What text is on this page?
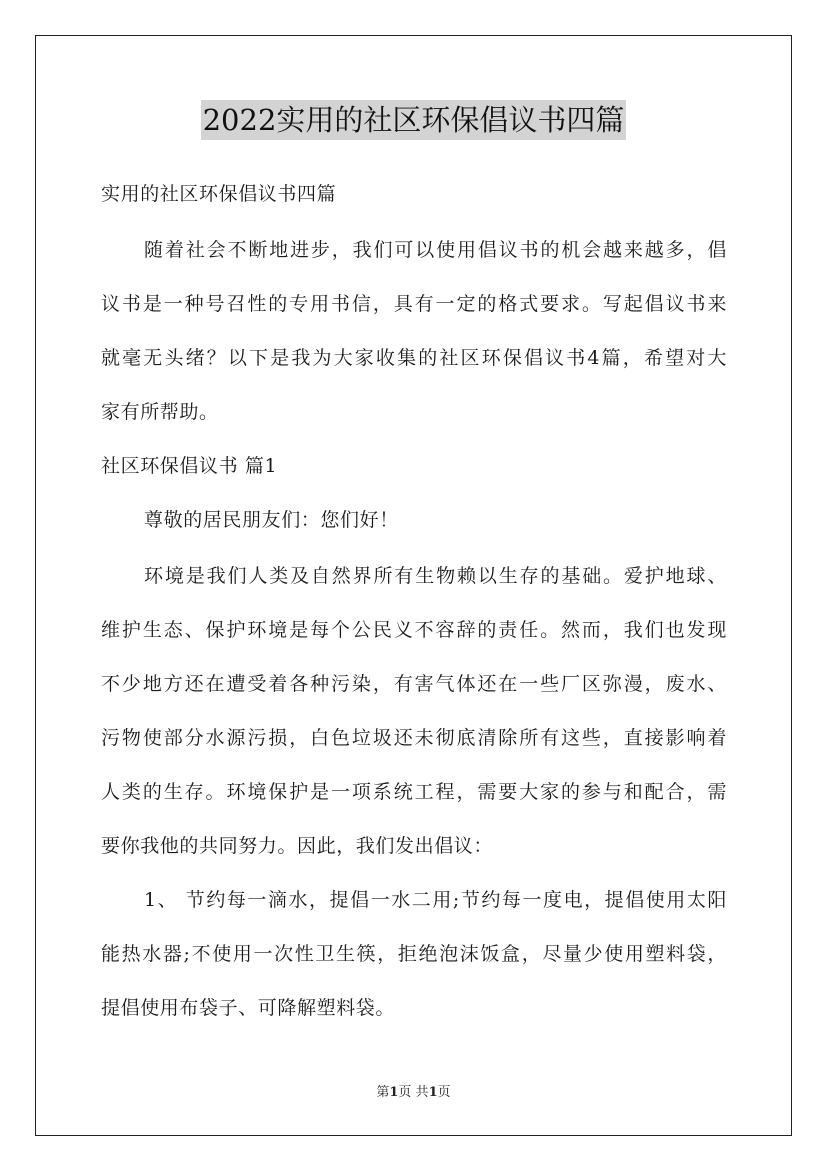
2022实用的社区环保倡议书四篇
实用的社区环保倡议书四篇
随着社会不断地进步，我们可以使用倡议书的机会越来越多，倡
议书是一种号召性的专用书信，具有一定的格式要求。写起倡议书来
就毫无头绪？以下是我为大家收集的社区环保倡议书4篇，希望对大
家有所帮助。
社区环保倡议书 篇1
尊敬的居民朋友们：您们好！
环境是我们人类及自然界所有生物赖以生存的基础。爱护地球、
维护生态、保护环境是每个公民义不容辞的责任。然而，我们也发现
不少地方还在遭受着各种污染，有害气体还在一些厂区弥漫，废水、
污物使部分水源污损，白色垃圾还未彻底清除所有这些，直接影响着
人类的生存。环境保护是一项系统工程，需要大家的参与和配合，需
要你我他的共同努力。因此，我们发出倡议：
1、 节约每一滴水，提倡一水二用;节约每一度电，提倡使用太阳
能热水器;不使用一次性卫生筷，拒绝泡沫饭盒，尽量少使用塑料袋，
提倡使用布袋子、可降解塑料袋。
第1页 共1页
